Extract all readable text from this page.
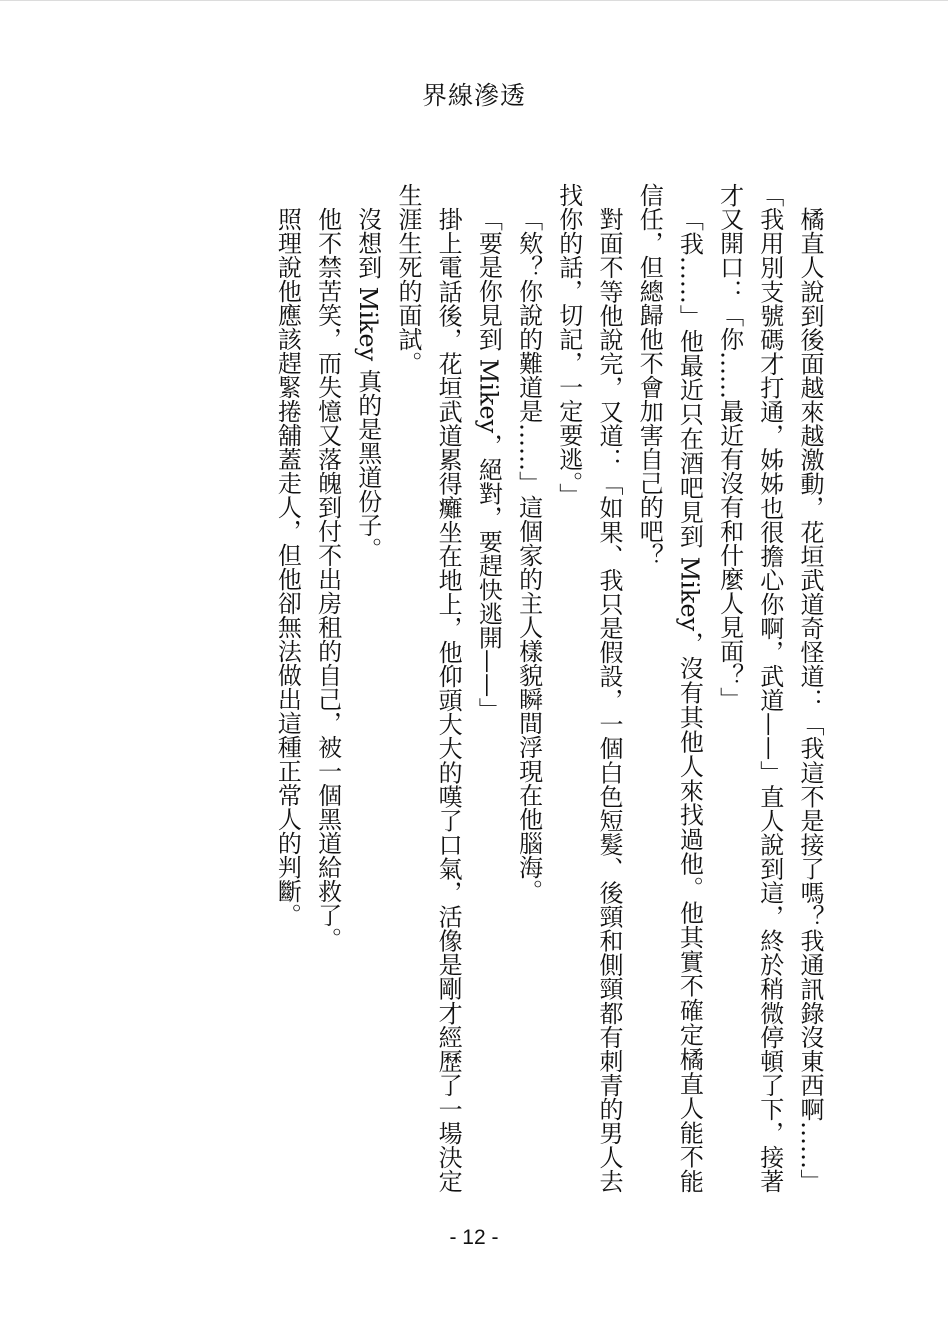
界線滲透

橘直人說到後面越來越激動，花垣武道奇怪道：「我這不是接了嗎？我通訊錄沒東西啊……」「我用別支號碼才打通，姊姊也很擔心你啊，武道——」直人說到這，終於稍微停頓了下，接著才又開口：「你……最近有沒有和什麼人見面？」

「我……」他最近只在酒吧見到 Mikey，沒有其他人來找過他。他其實不確定橘直人能不能信任，但總歸他不會加害自己的吧？

對面不等他說完，又道：「如果、我只是假設，一個白色短髮、後頸和側頸都有刺青的男人去找你的話，切記，一定要逃。」

「欸？你說的難道是……」這個家的主人樣貌瞬間浮現在他腦海。

「要是你見到 Mikey，絕對，要趕快逃開——」

掛上電話後，花垣武道累得癱坐在地上，他仰頭大大的嘆了口氣，活像是剛才經歷了一場決定生涯生死的面試。

沒想到 Mikey 真的是黑道份子。

他不禁苦笑，而失憶又落魄到付不出房租的自己，被一個黑道給救了。

照理說他應該趕緊捲舖蓋走人，但他卻無法做出這種正常人的判斷。

- 12 -
